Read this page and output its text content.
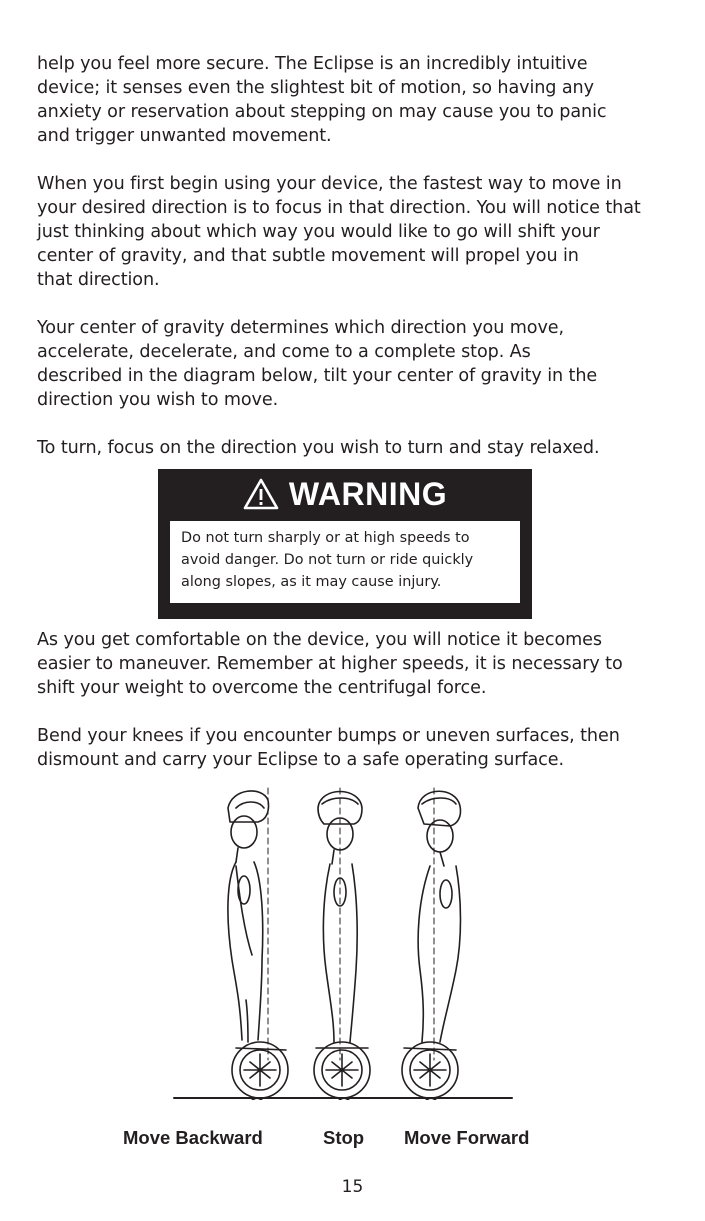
help you feel more secure. The Eclipse is an incredibly intuitive
device; it senses even the slightest bit of motion, so having any
anxiety or reservation about stepping on may cause you to panic
and trigger unwanted movement.
When you first begin using your device, the fastest way to move in
your desired direction is to focus in that direction. You will notice that
just thinking about which way you would like to go will shift your
center of gravity, and that subtle movement will propel you in
that direction.
Your center of gravity determines which direction you move,
accelerate, decelerate, and come to a complete stop. As
described in the diagram below, tilt your center of gravity in the
direction you wish to move.
To turn, focus on the direction you wish to turn and stay relaxed.
WARNING
Do not turn sharply or at high speeds to
avoid danger. Do not turn or ride quickly
along slopes, as it may cause injury.
As you get comfortable on the device, you will notice it becomes
easier to maneuver. Remember at higher speeds, it is necessary to
shift your weight to overcome the centrifugal force.
Bend your knees if you encounter bumps or uneven surfaces, then
dismount and carry your Eclipse to a safe operating surface.
Move Backward	Stop Move Forward
15
